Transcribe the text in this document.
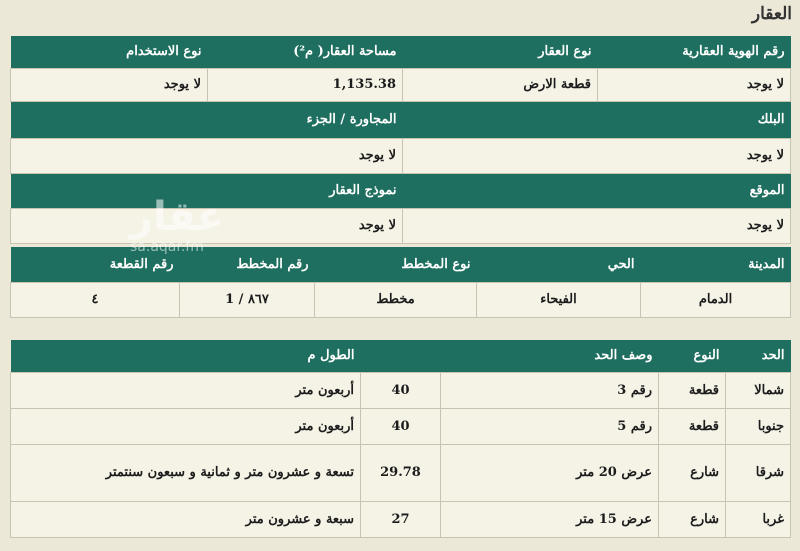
العقار
رقم الهوية العقارية	نوع العقار	مساحة العقار( م²)	نوع الاستخدام
لا يوجد	قطعة الارض	1,135.38	لا يوجد
البلك		المجاورة / الجزء	
لا يوجد		لا يوجد	
الموقع		نموذج العقار	
لا يوجد		لا يوجد	
المدينة	الحي	نوع المخطط	رقم المخطط	رقم القطعة
الدمام	الفيحاء	مخطط	٨٦٧ / 1	٤
الحد	النوع	وصف الحد		الطول م
شمالا	قطعة	رقم 3	40	أربعون متر
جنوبا	قطعة	رقم 5	40	أربعون متر
شرقا	شارع	عرض 20 متر	29.78	تسعة و عشرون متر و ثمانية و سبعون سنتمتر
غربا	شارع	عرض 15 متر	27	سبعة و عشرون متر
عقار
sa.aqar.fm
